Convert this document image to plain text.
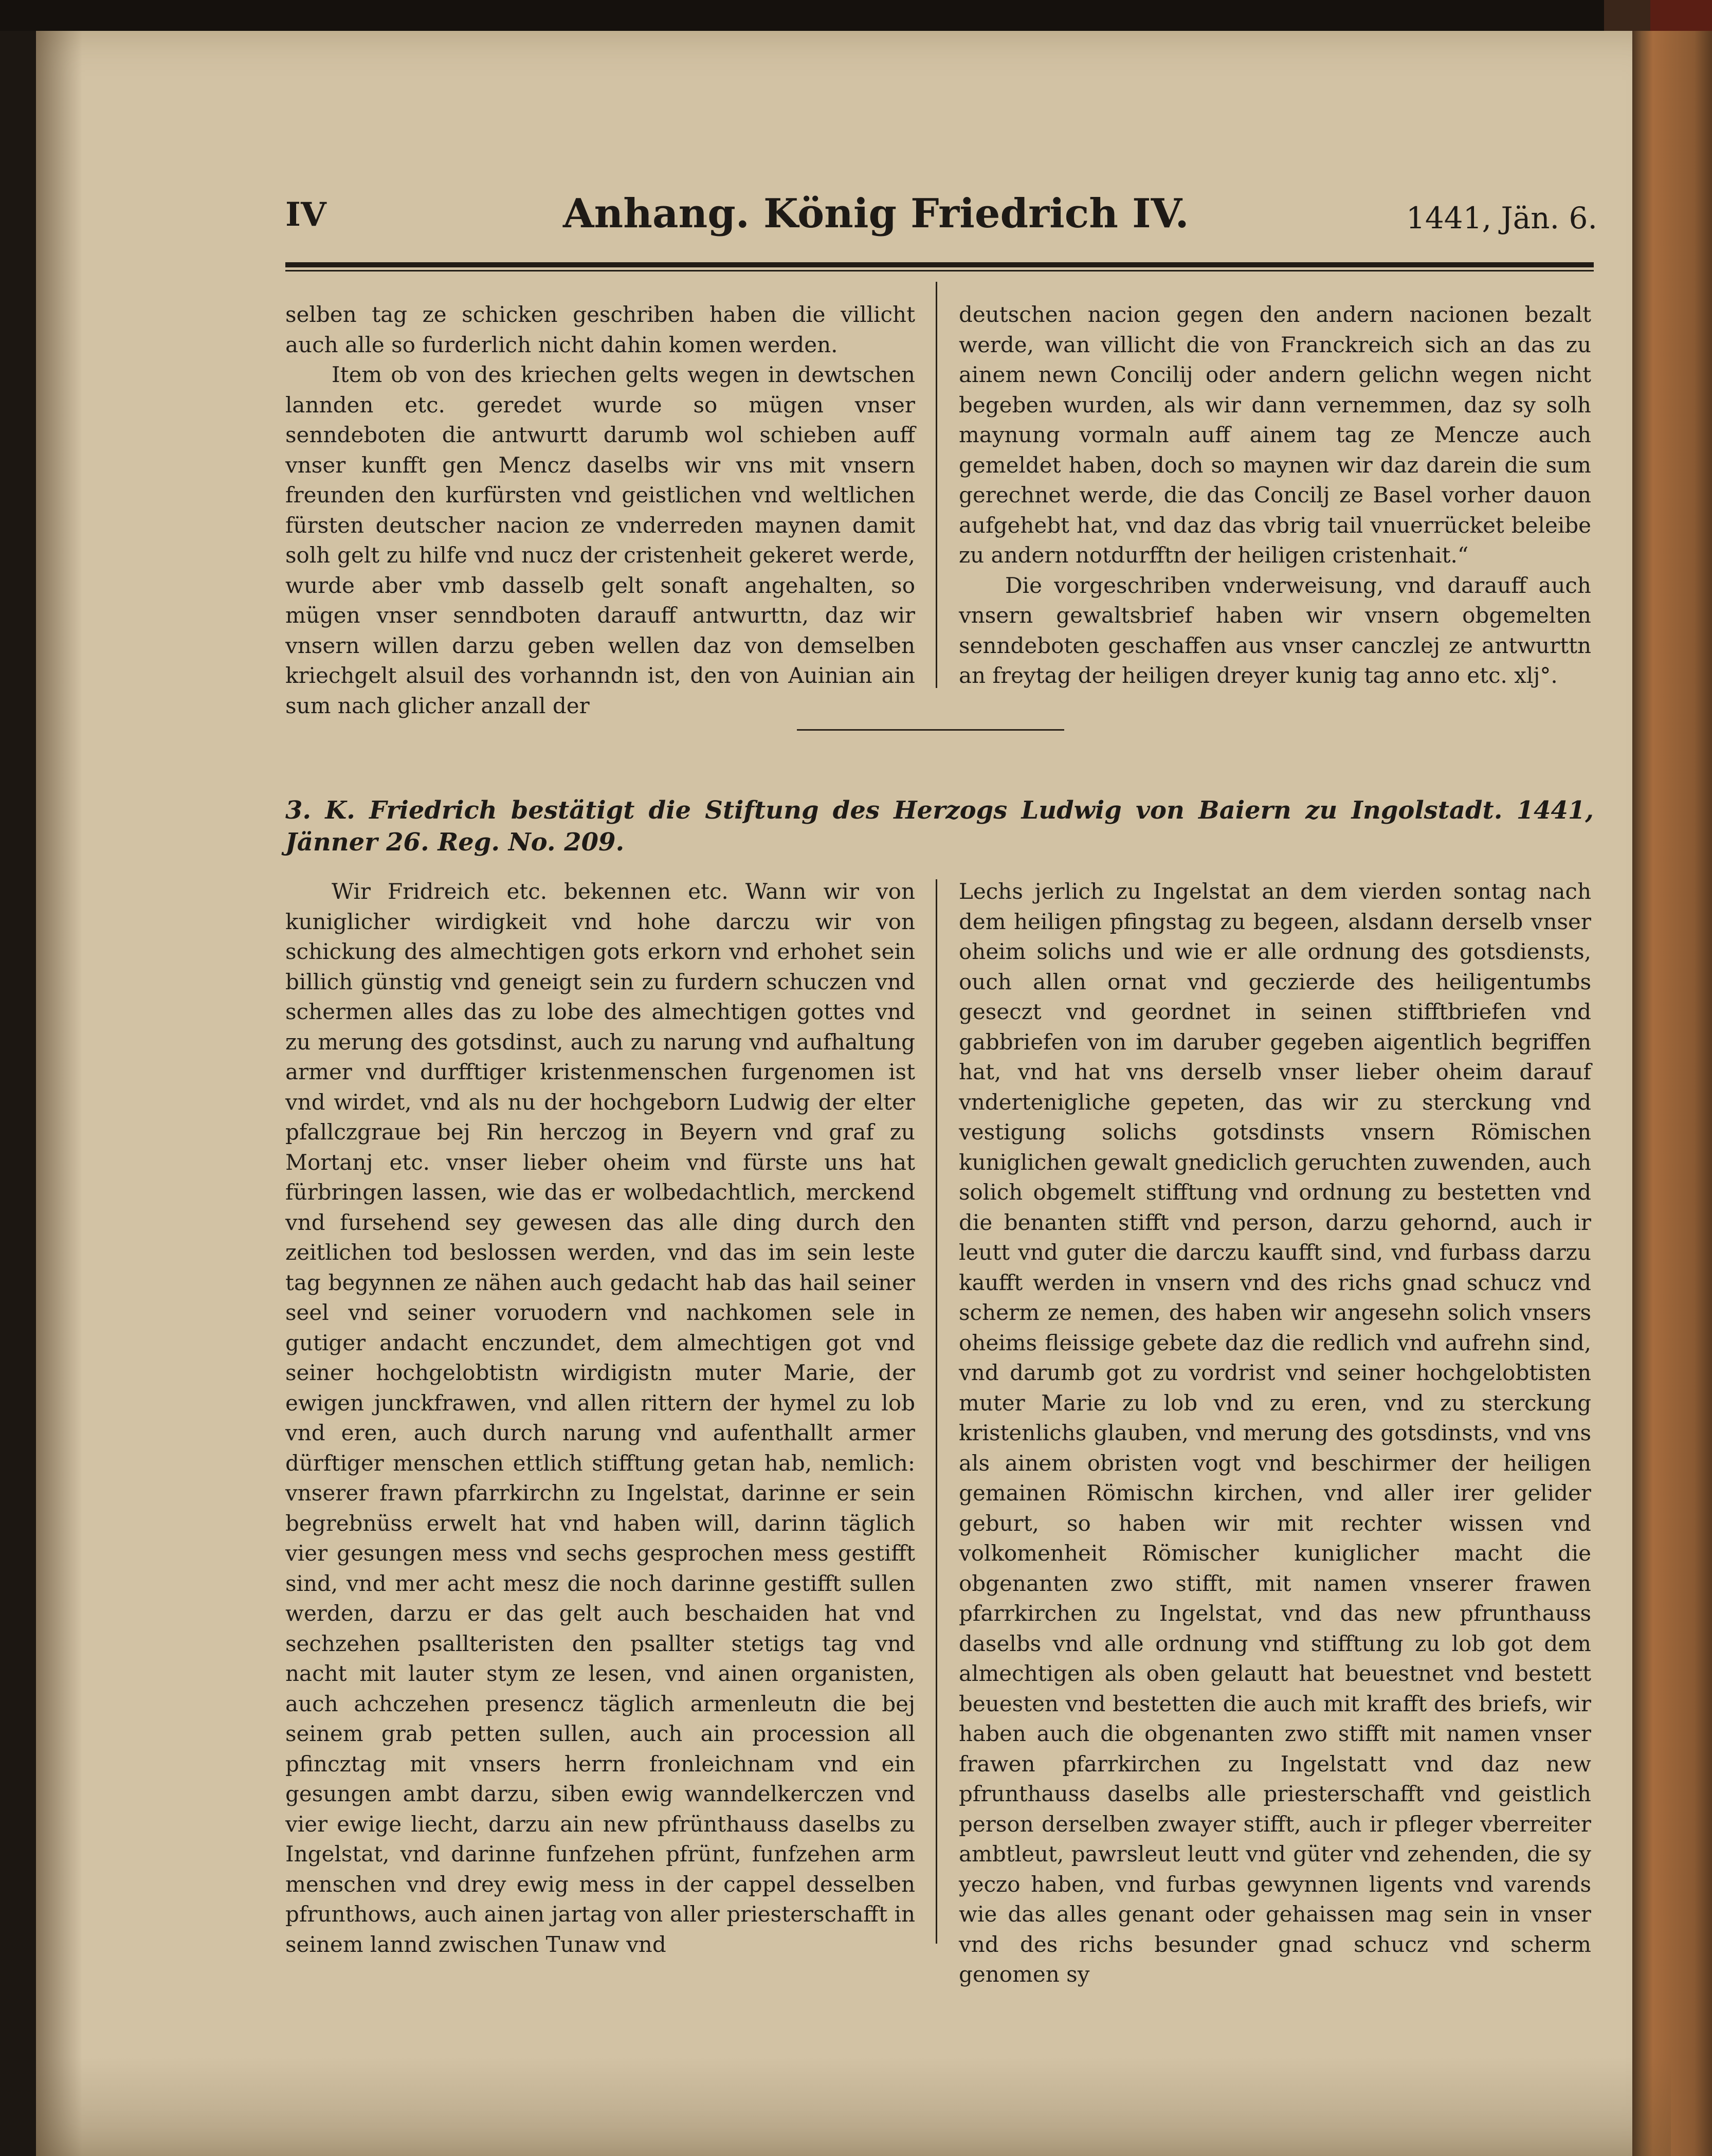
IV	Anhang. König Friedrich IV.	1441, Jän. 6.

selben tag ze schicken geschriben haben die villicht auch alle so furderlich nicht dahin komen werden.

Item ob von des kriechen gelts wegen in dewtschen lannden etc. geredet wurde so mügen vnser senndeboten die antwurtt darumb wol schieben auff vnser kunfft gen Mencz daselbs wir vns mit vnsern freunden den kurfürsten vnd geistlichen vnd weltlichen fürsten deutscher nacion ze vnderreden maynen damit solh gelt zu hilfe vnd nucz der cristenheit gekeret werde, wurde aber vmb dasselb gelt sonaft angehalten, so mügen vnser senndboten darauff antwurttn, daz wir vnsern willen darzu geben wellen daz von demselben kriechgelt alsuil des vorhanndn ist, den von Auinian ain sum nach glicher anzall der

deutschen nacion gegen den andern nacionen bezalt werde, wan villicht die von Franckreich sich an das zu ainem newn Concilij oder andern gelichn wegen nicht begeben wurden, als wir dann vernemmen, daz sy solh maynung vormaln auff ainem tag ze Mencze auch gemeldet haben, doch so maynen wir daz darein die sum gerechnet werde, die das Concilj ze Basel vorher dauon aufgehebt hat, vnd daz das vbrig tail vnuerrücket beleibe zu andern notdurfftn der heiligen cristenhait.“

Die vorgeschriben vnderweisung, vnd darauff auch vnsern gewaltsbrief haben wir vnsern obgemelten senndeboten geschaffen aus vnser canczlej ze antwurttn an freytag der heiligen dreyer kunig tag anno etc. xlj°.

3. K. Friedrich bestätigt die Stiftung des Herzogs Ludwig von Baiern zu Ingolstadt. 1441, Jänner 26. Reg. No. 209.

Wir Fridreich etc. bekennen etc. Wann wir von kuniglicher wirdigkeit vnd hohe darczu wir von schickung des almechtigen gots erkorn vnd erhohet sein billich günstig vnd geneigt sein zu furdern schuczen vnd schermen alles das zu lobe des almechtigen gottes vnd zu merung des gotsdinst, auch zu narung vnd aufhaltung armer vnd durfftiger kristenmenschen furgenomen ist vnd wirdet, vnd als nu der hochgeborn Ludwig der elter pfallczgraue bej Rin herczog in Beyern vnd graf zu Mortanj etc. vnser lieber oheim vnd fürste uns hat fürbringen lassen, wie das er wolbedachtlich, merckend vnd fursehend sey gewesen das alle ding durch den zeitlichen tod beslossen werden, vnd das im sein leste tag begynnen ze nähen auch gedacht hab das hail seiner seel vnd seiner voruodern vnd nachkomen sele in gutiger andacht enczundet, dem almechtigen got vnd seiner hochgelobtistn wirdigistn muter Marie, der ewigen junckfrawen, vnd allen rittern der hymel zu lob vnd eren, auch durch narung vnd aufenthallt armer dürftiger menschen ettlich stifftung getan hab, nemlich: vnserer frawn pfarrkirchn zu Ingelstat, darinne er sein begrebnüss erwelt hat vnd haben will, darinn täglich vier gesungen mess vnd sechs gesprochen mess gestifft sind, vnd mer acht mesz die noch darinne gestifft sullen werden, darzu er das gelt auch beschaiden hat vnd sechzehen psallteristen den psallter stetigs tag vnd nacht mit lauter stym ze lesen, vnd ainen organisten, auch achczehen presencz täglich armenleutn die bej seinem grab petten sullen, auch ain procession all pfincztag mit vnsers herrn fronleichnam vnd ein gesungen ambt darzu, siben ewig wanndelkerczen vnd vier ewige liecht, darzu ain new pfrünthauss daselbs zu Ingelstat, vnd darinne funfzehen pfrünt, funfzehen arm menschen vnd drey ewig mess in der cappel desselben pfrunthows, auch ainen jartag von aller priesterschafft in seinem lannd zwischen Tunaw vnd

Lechs jerlich zu Ingelstat an dem vierden sontag nach dem heiligen pfingstag zu begeen, alsdann derselb vnser oheim solichs und wie er alle ordnung des gotsdiensts, ouch allen ornat vnd geczierde des heiligentumbs geseczt vnd geordnet in seinen stifftbriefen vnd gabbriefen von im daruber gegeben aigentlich begriffen hat, vnd hat vns derselb vnser lieber oheim darauf vndertenigliche gepeten, das wir zu sterckung vnd vestigung solichs gotsdinsts vnsern Römischen kuniglichen gewalt gnediclich geruchten zuwenden, auch solich obgemelt stifftung vnd ordnung zu bestetten vnd die benanten stifft vnd person, darzu gehornd, auch ir leutt vnd guter die darczu kaufft sind, vnd furbass darzu kaufft werden in vnsern vnd des richs gnad schucz vnd scherm ze nemen, des haben wir angesehn solich vnsers oheims fleissige gebete daz die redlich vnd aufrehn sind, vnd darumb got zu vordrist vnd seiner hochgelobtisten muter Marie zu lob vnd zu eren, vnd zu sterckung kristenlichs glauben, vnd merung des gotsdinsts, vnd vns als ainem obristen vogt vnd beschirmer der heiligen gemainen Römischn kirchen, vnd aller irer gelider geburt, so haben wir mit rechter wissen vnd volkomenheit Römischer kuniglicher macht die obgenanten zwo stifft, mit namen vnserer frawen pfarrkirchen zu Ingelstat, vnd das new pfrunthauss daselbs vnd alle ordnung vnd stifftung zu lob got dem almechtigen als oben gelautt hat beuestnet vnd bestett beuesten vnd bestetten die auch mit krafft des briefs, wir haben auch die obgenanten zwo stifft mit namen vnser frawen pfarrkirchen zu Ingelstatt vnd daz new pfrunthauss daselbs alle priesterschafft vnd geistlich person derselben zwayer stifft, auch ir pfleger vberreiter ambtleut, pawrsleut leutt vnd güter vnd zehenden, die sy yeczo haben, vnd furbas gewynnen ligents vnd varends wie das alles genant oder gehaissen mag sein in vnser vnd des richs besunder gnad schucz vnd scherm genomen sy
